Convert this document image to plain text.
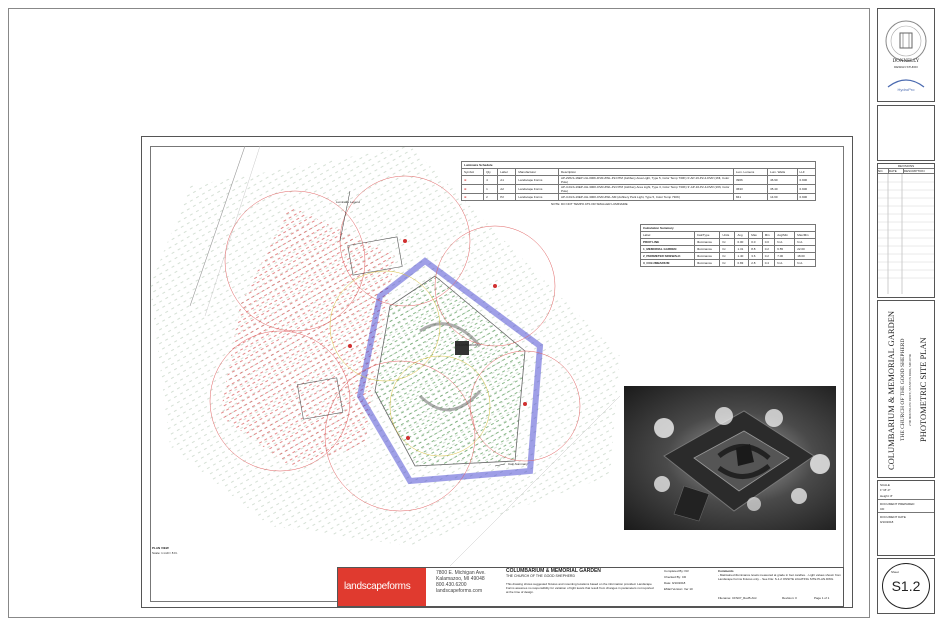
Luminaire Legend
Calc Summary
COLUMBARIUM
PLAN VIEW
Scale: 1 inch= 8 Ft.
Luminaire Schedule							
Symbol	Qty	Label	Manufacturer	Description	Lum. Lumens	Lum. Watts	LLF
⊕	4	A1	Landscape Forms	AP-ZWLS-16EP-UH-300K-DVR-ZWL-P2-NTM (Ashbery Area Light, Type 5, Color Temp 730K) 3'-AP-16-P2-4-DVR (16ft, Color Pole)	3966	46.90	0.900
⊕	1	A2	Landscape Forms	AP-3-DLS-16EP-UH-300K-DVR-ZWL-P2-NTM (Ashbery Area Light, Type 3, Color Temp 730K) 3'-AP-16-P2-4-DVR (16ft, Color Pole)	3633	35.40	0.900
⊕	2	P2	Landscape Forms	AP-3-DLS-16EP-UH-300K-DVR-ZWL-SM (Ashbery Park Light, Type 5, Color Temp 730K)	841	14.60	0.900
NOTE: DO NOT TEMPO ATS OR SMALLER LUMINAIRE
Calculation Summary							
Label	CalcType	Units	Avg	Max	Min	Avg/Min	Max/Min
PROP LINE	Illuminance	Fc	0.00	0.0	0.0	N.A.	N.A.
1_MEMORIAL GARDEN	Illuminance	Fc	1.31	8.8	0.2	6.55	22.00
2_PERIMETER SIDEWALK	Illuminance	Fc	1.40	3.6	0.2	7.00	18.00
3_COLUMBARIUM	Illuminance	Fc	0.83	2.8	0.4	N.A.	N.A.
landscapeforms
7800 E. Michigan Ave.
Kalamazoo, MI 49048
800.430.6200
landscapeforms.com
COLUMBARIUM & MEMORIAL GARDEN
THE CHURCH OF THE GOOD SHEPHERD
This drawing shows suggested fixtures and mounting locations based on the information provided. Landscape Forms assumes no responsibility for variation of light levels that result from changes in parameters not reported at the time of design.
Completed By: KR
Checked By: CD
Date: 9/10/2018
EMail Version: Ver 10
Comments
- Maintained illuminance levels measured at grade in foot candles. - Light values shown from Landscape Forms fixtures only. - See File: S-1.2 ONSITE LIGHTING SITE PLAN.DWG
Filename: CFN07_RevB.AGI	Revision: 0	Page 1 of 1
DONNELLY
DESIGN STUDIO
HydroPro
REVISIONS
NO.	DATE	DESCRIPTION
COLUMBARIUM & MEMORIAL GARDEN THE CHURCH OF THE GOOD SHEPHERD 2700 HOUNSLOW DRIVE, STANTON PARK, MD 20706 PHOTOMETRIC SITE PLAN
SCALE
1"=8'-0"
Height: 8'
DOCUMENT PREPARED
CD
DOCUMENT DATE
9/10/2018
Sheet
S1.2
